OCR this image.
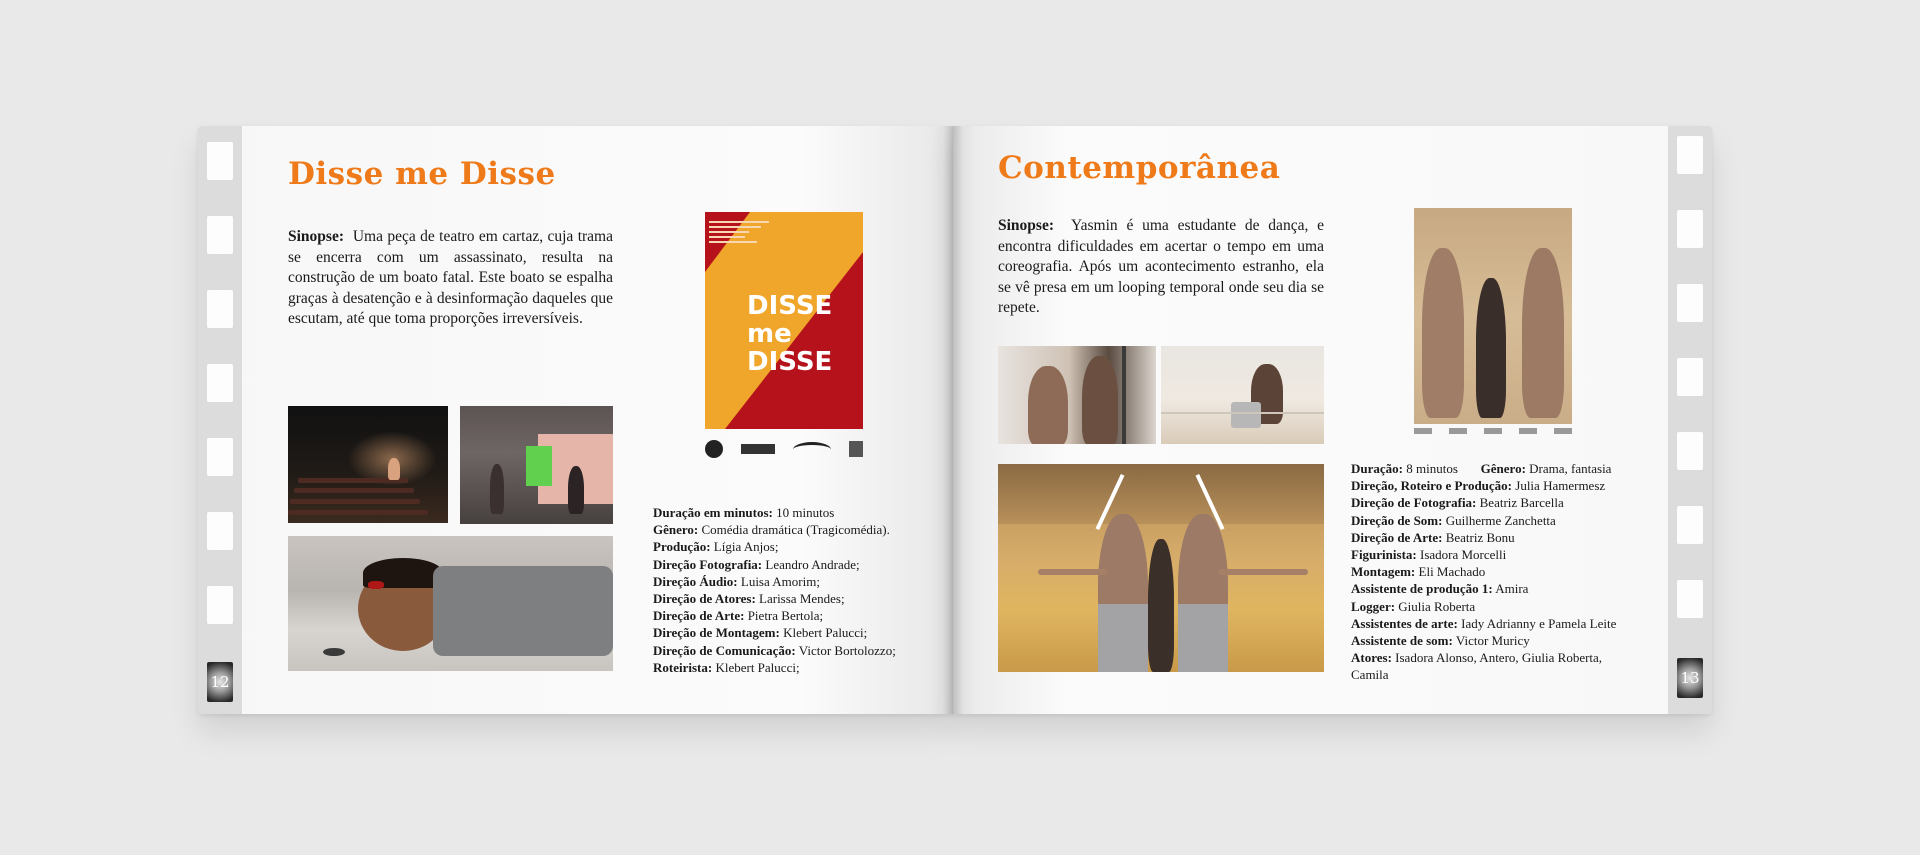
12
Disse me Disse
Sinopse: Uma peça de teatro em cartaz, cuja trama se encerra com um assassinato, resulta na construção de um boato fatal. Este boato se espalha graças à desatenção e à desinformação daqueles que escutam, até que toma proporções irreversíveis.	DISSE me DISSE
Duração em minutos: 10 minutos
Gênero: Comédia dramática (Tragicomédia).
Produção: Lígia Anjos;
Direção Fotografia: Leandro Andrade;
Direção Áudio: Luisa Amorim;
Direção de Atores: Larissa Mendes;
Direção de Arte: Pietra Bertola;
Direção de Montagem: Klebert Palucci;
Direção de Comunicação: Victor Bortolozzo;
Roteirista: Klebert Palucci;
13
Contemporânea
Sinopse: Yasmin é uma estudante de dança, e encontra dificuldades em acertar o tempo em uma coreografia. Após um acontecimento estranho, ela se vê presa em um looping temporal onde seu dia se repete.
Duração: 8 minutos Gênero: Drama, fantasia
Direção, Roteiro e Produção: Julia Hamermesz
Direção de Fotografia: Beatriz Barcella
Direção de Som: Guilherme Zanchetta
Direção de Arte: Beatriz Bonu
Figurinista: Isadora Morcelli
Montagem: Eli Machado
Assistente de produção 1: Amira
Logger: Giulia Roberta
Assistentes de arte: Iady Adrianny e Pamela Leite
Assistente de som: Victor Muricy
Atores: Isadora Alonso, Antero, Giulia Roberta, Camila
